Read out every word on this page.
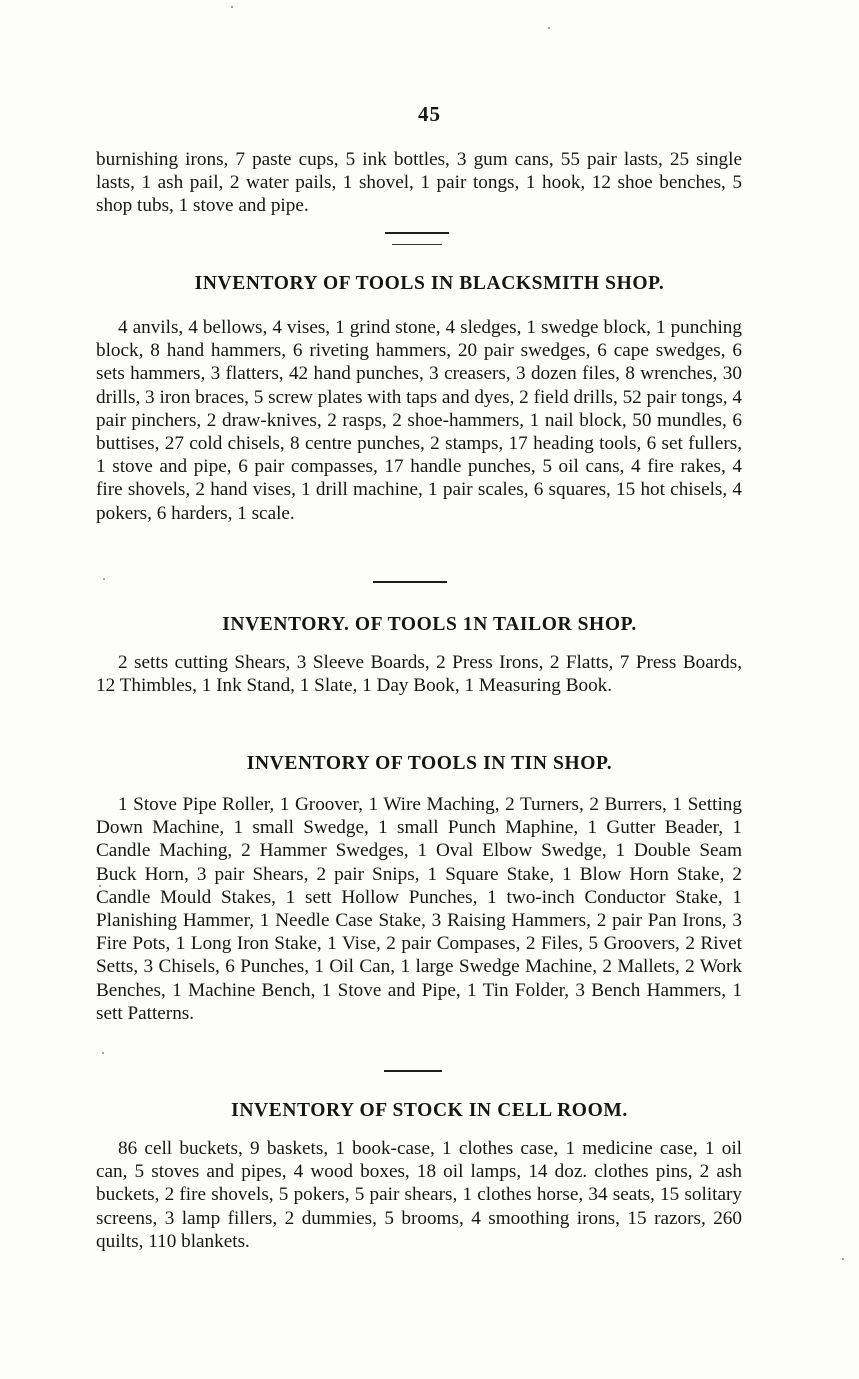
45

burnishing irons, 7 paste cups, 5 ink bottles, 3 gum cans, 55 pair lasts, 25 single lasts, 1 ash pail, 2 water pails, 1 shovel, 1 pair tongs, 1 hook, 12 shoe benches, 5 shop tubs, 1 stove and pipe.

INVENTORY OF TOOLS IN BLACKSMITH SHOP.

4 anvils, 4 bellows, 4 vises, 1 grind stone, 4 sledges, 1 swedge block, 1 punching block, 8 hand hammers, 6 riveting hammers, 20 pair swedges, 6 cape swedges, 6 sets hammers, 3 flatters, 42 hand punches, 3 creasers, 3 dozen files, 8 wrenches, 30 drills, 3 iron braces, 5 screw plates with taps and dyes, 2 field drills, 52 pair tongs, 4 pair pinchers, 2 draw-knives, 2 rasps, 2 shoe-hammers, 1 nail block, 50 mundles, 6 buttises, 27 cold chisels, 8 centre punches, 2 stamps, 17 heading tools, 6 set fullers, 1 stove and pipe, 6 pair compasses, 17 handle punches, 5 oil cans, 4 fire rakes, 4 fire shovels, 2 hand vises, 1 drill machine, 1 pair scales, 6 squares, 15 hot chisels, 4 pokers, 6 harders, 1 scale.

INVENTORY. OF TOOLS 1N TAILOR SHOP.

2 setts cutting Shears, 3 Sleeve Boards, 2 Press Irons, 2 Flatts, 7 Press Boards, 12 Thimbles, 1 Ink Stand, 1 Slate, 1 Day Book, 1 Measuring Book.

INVENTORY OF TOOLS IN TIN SHOP.

1 Stove Pipe Roller, 1 Groover, 1 Wire Maching, 2 Turners, 2 Burrers, 1 Setting Down Machine, 1 small Swedge, 1 small Punch Maphine, 1 Gutter Beader, 1 Candle Maching, 2 Hammer Swedges, 1 Oval Elbow Swedge, 1 Double Seam Buck Horn, 3 pair Shears, 2 pair Snips, 1 Square Stake, 1 Blow Horn Stake, 2 Candle Mould Stakes, 1 sett Hollow Punches, 1 two-inch Conductor Stake, 1 Planishing Hammer, 1 Needle Case Stake, 3 Raising Hammers, 2 pair Pan Irons, 3 Fire Pots, 1 Long Iron Stake, 1 Vise, 2 pair Compases, 2 Files, 5 Groovers, 2 Rivet Setts, 3 Chisels, 6 Punches, 1 Oil Can, 1 large Swedge Machine, 2 Mallets, 2 Work Benches, 1 Machine Bench, 1 Stove and Pipe, 1 Tin Folder, 3 Bench Hammers, 1 sett Patterns.

INVENTORY OF STOCK IN CELL ROOM.

86 cell buckets, 9 baskets, 1 book-case, 1 clothes case, 1 medicine case, 1 oil can, 5 stoves and pipes, 4 wood boxes, 18 oil lamps, 14 doz. clothes pins, 2 ash buckets, 2 fire shovels, 5 pokers, 5 pair shears, 1 clothes horse, 34 seats, 15 solitary screens, 3 lamp fillers, 2 dummies, 5 brooms, 4 smoothing irons, 15 razors, 260 quilts, 110 blankets.
